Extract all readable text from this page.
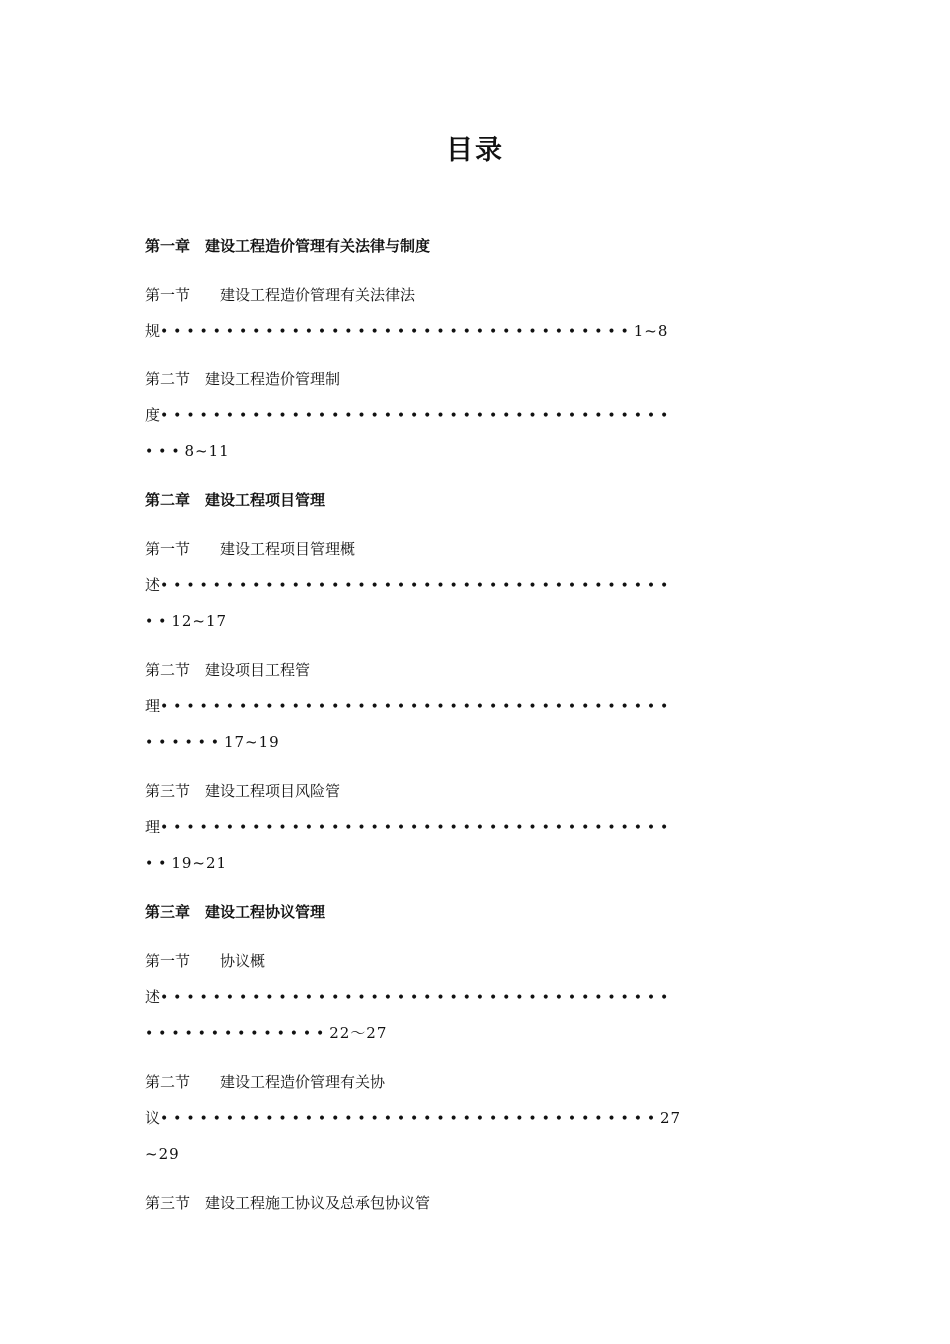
目录
第一章　建设工程造价管理有关法律与制度
第一节　　建设工程造价管理有关法律法
规••••••••••••••••••••••••••••••••••••1~8
第二节　建设工程造价管理制
度•••••••••••••••••••••••••••••••••••••••
•••8~11
第二章　建设工程项目管理
第一节　　建设工程项目管理概
述•••••••••••••••••••••••••••••••••••••••
••12~17
第二节　建设项目工程管
理•••••••••••••••••••••••••••••••••••••••
••••••17~19
第三节　建设工程项目风险管
理•••••••••••••••••••••••••••••••••••••••
••19~21
第三章　建设工程协议管理
第一节　　协议概
述•••••••••••••••••••••••••••••••••••••••
••••••••••••••22～27
第二节　　建设工程造价管理有关协
议••••••••••••••••••••••••••••••••••••••27
~29
第三节　建设工程施工协议及总承包协议管
